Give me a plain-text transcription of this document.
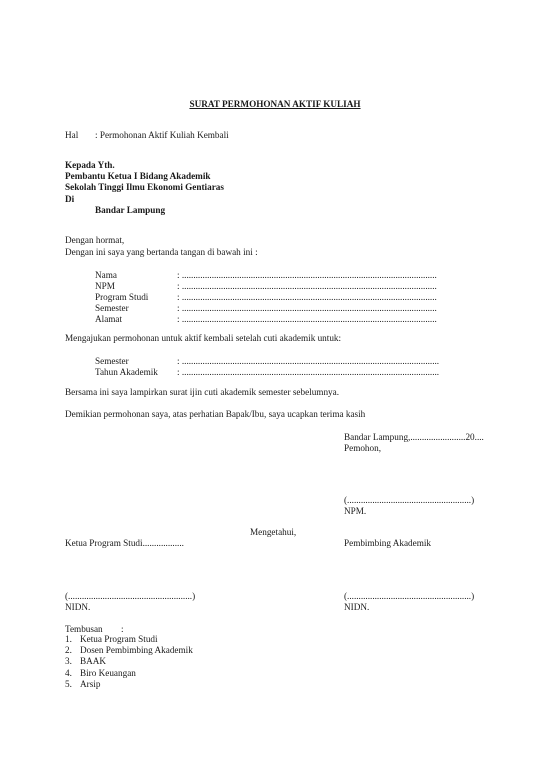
SURAT PERMOHONAN AKTIF KULIAH
Hal : Permohonan Aktif Kuliah Kembali
Kepada Yth.
Pembantu Ketua I Bidang Akademik
Sekolah Tinggi Ilmu Ekonomi Gentiaras
Di
Bandar Lampung
Dengan hormat,
Dengan ini saya yang bertanda tangan di bawah ini :
Nama	: ...............................................................................................................
NPM	: ...............................................................................................................
Program Studi	: ...............................................................................................................
Semester	: ...............................................................................................................
Alamat	: ...............................................................................................................
Mengajukan permohonan untuk aktif kembali setelah cuti akademik untuk:
Semester	: ................................................................................................................
Tahun Akademik : ................................................................................................................
Bersama ini saya lampirkan surat ijin cuti akademik semester sebelumnya.
Demikian permohonan saya, atas perhatian Bapak/Ibu, saya ucapkan terima kasih
Bandar Lampung,........................20....
Pemohon,
(......................................................)
NPM.
Mengetahui,
Ketua Program Studi..................	Pembimbing Akademik
(......................................................)
NIDN.
(......................................................)
NIDN.
Tembusan        :
1. Ketua Program Studi
2. Dosen Pembimbing Akademik
3. BAAK
4. Biro Keuangan
5. Arsip
